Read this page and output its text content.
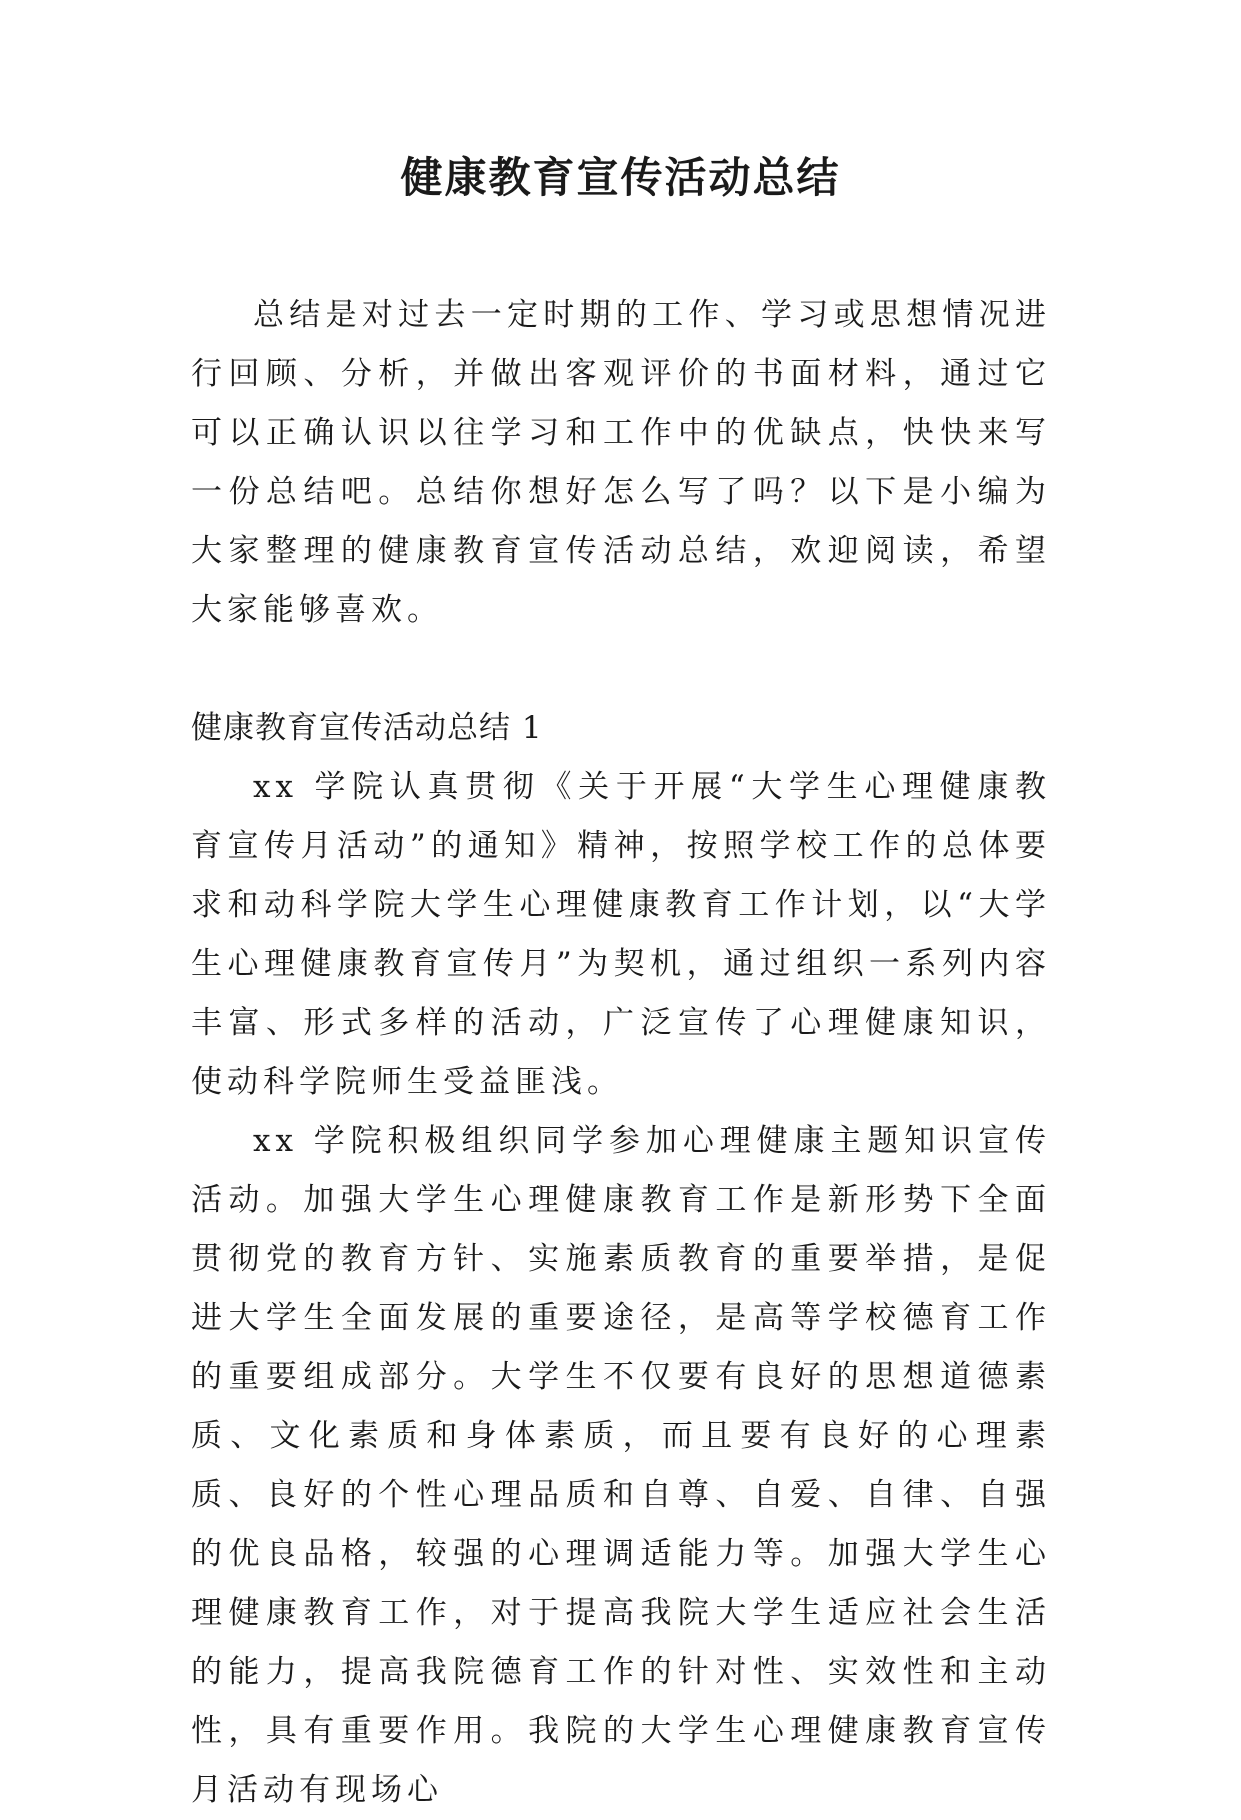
健康教育宣传活动总结

总结是对过去一定时期的工作、学习或思想情况进行回顾、分析，并做出客观评价的书面材料，通过它可以正确认识以往学习和工作中的优缺点，快快来写一份总结吧。总结你想好怎么写了吗？以下是小编为大家整理的健康教育宣传活动总结，欢迎阅读，希望大家能够喜欢。

健康教育宣传活动总结 1

xx 学院认真贯彻《关于开展“大学生心理健康教育宣传月活动”的通知》精神，按照学校工作的总体要求和动科学院大学生心理健康教育工作计划，以“大学生心理健康教育宣传月”为契机，通过组织一系列内容丰富、形式多样的活动，广泛宣传了心理健康知识，使动科学院师生受益匪浅。

xx 学院积极组织同学参加心理健康主题知识宣传活动。加强大学生心理健康教育工作是新形势下全面贯彻党的教育方针、实施素质教育的重要举措，是促进大学生全面发展的重要途径，是高等学校德育工作的重要组成部分。大学生不仅要有良好的思想道德素质、文化素质和身体素质，而且要有良好的心理素质、良好的个性心理品质和自尊、自爱、自律、自强的优良品格，较强的心理调适能力等。加强大学生心理健康教育工作，对于提高我院大学生适应社会生活的能力，提高我院德育工作的针对性、实效性和主动性，具有重要作用。我院的大学生心理健康教育宣传月活动有现场心
